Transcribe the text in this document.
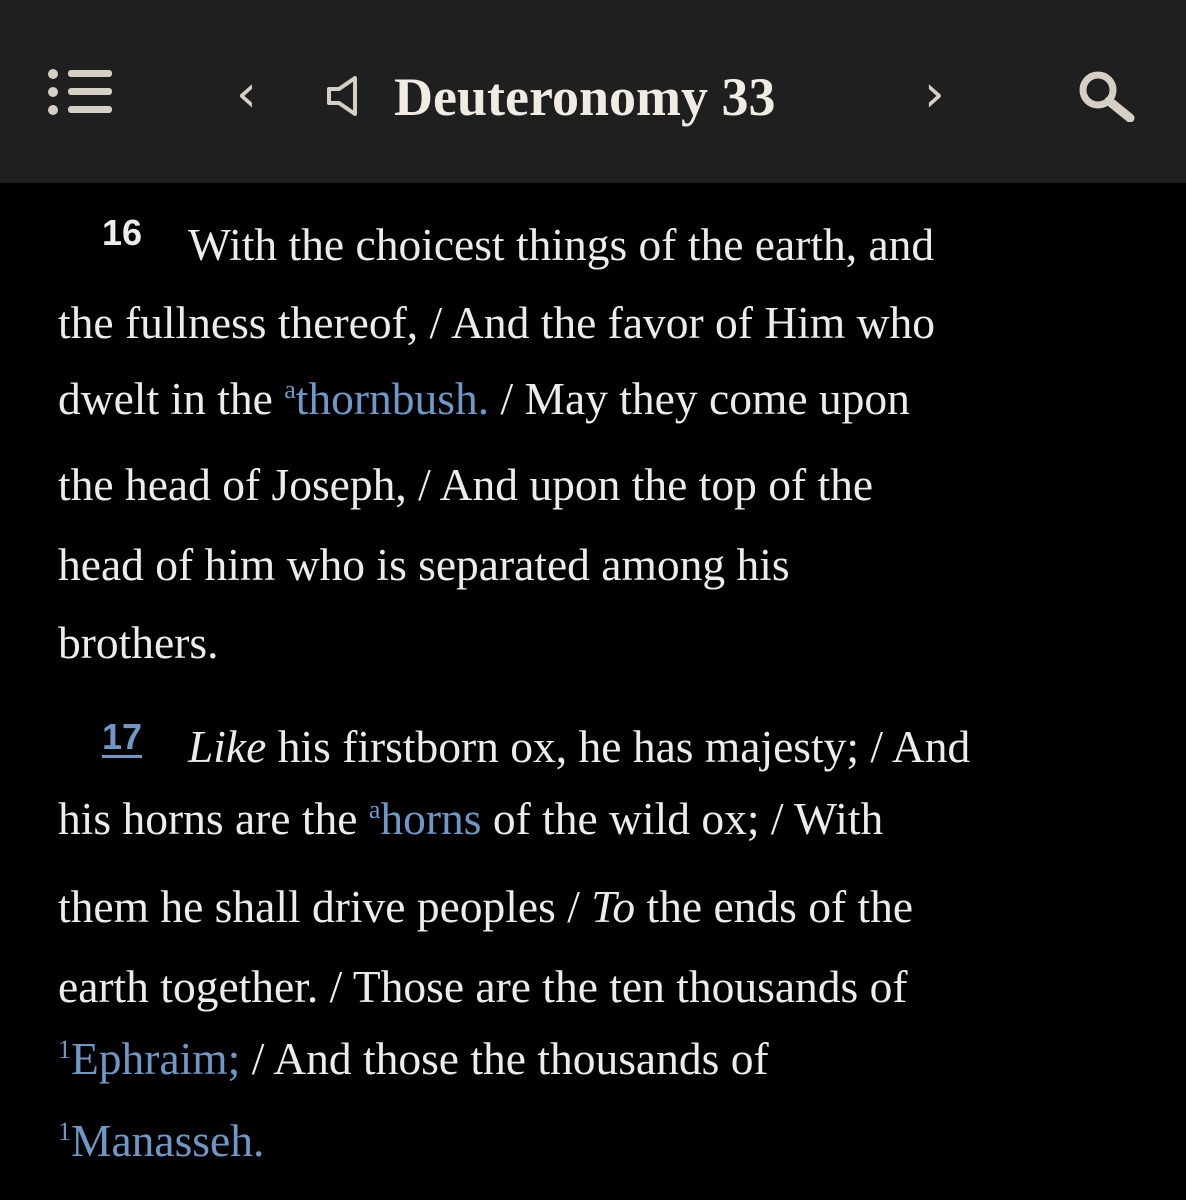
‹	Deuteronomy 33	›
16 With the choicest things of the earth, and
the fullness thereof, / And the favor of Him who
dwelt in the $^a$thornbush. / May they come upon
the head of Joseph, / And upon the top of the
head of him who is separated among his
brothers.
17 Like his firstborn ox, he has majesty; / And
his horns are the $^a$horns of the wild ox; / With
them he shall drive peoples / To the ends of the
earth together. / Those are the ten thousands of
$^1$Ephraim; / And those the thousands of
$^1$Manasseh.
